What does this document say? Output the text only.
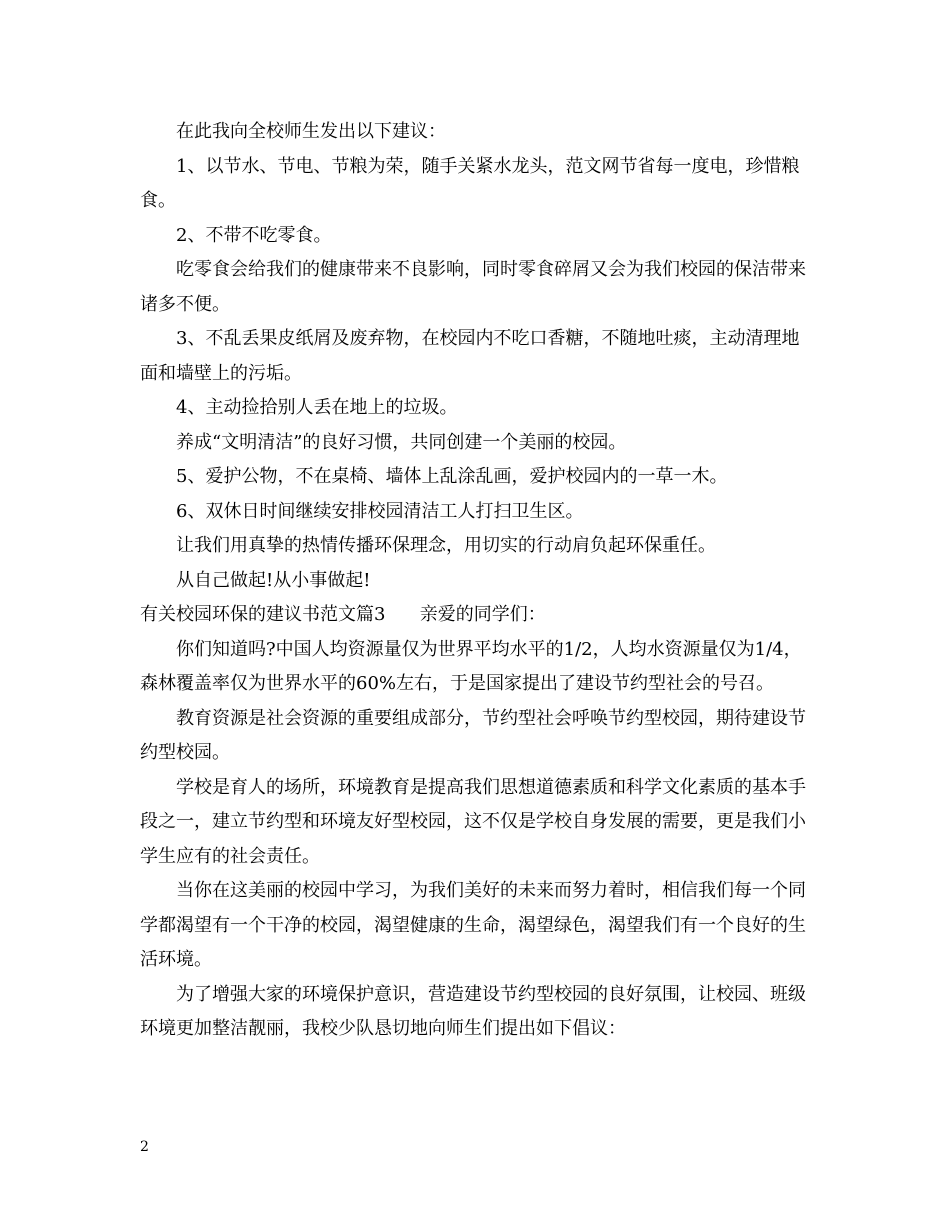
在此我向全校师生发出以下建议：

1、以节水、节电、节粮为荣，随手关紧水龙头，范文网节省每一度电，珍惜粮食。

2、不带不吃零食。

吃零食会给我们的健康带来不良影响，同时零食碎屑又会为我们校园的保洁带来诸多不便。

3、不乱丢果皮纸屑及废弃物，在校园内不吃口香糖，不随地吐痰，主动清理地面和墙壁上的污垢。

4、主动捡拾别人丢在地上的垃圾。

养成“文明清洁”的良好习惯，共同创建一个美丽的校园。

5、爱护公物，不在桌椅、墙体上乱涂乱画，爱护校园内的一草一木。

6、双休日时间继续安排校园清洁工人打扫卫生区。

让我们用真挚的热情传播环保理念，用切实的行动肩负起环保重任。

从自己做起!从小事做起!

有关校园环保的建议书范文篇3      亲爱的同学们：

你们知道吗?中国人均资源量仅为世界平均水平的1/2，人均水资源量仅为1/4，森林覆盖率仅为世界水平的60%左右，于是国家提出了建设节约型社会的号召。

教育资源是社会资源的重要组成部分，节约型社会呼唤节约型校园，期待建设节约型校园。

学校是育人的场所，环境教育是提高我们思想道德素质和科学文化素质的基本手段之一，建立节约型和环境友好型校园，这不仅是学校自身发展的需要，更是我们小学生应有的社会责任。

当你在这美丽的校园中学习，为我们美好的未来而努力着时，相信我们每一个同学都渴望有一个干净的校园，渴望健康的生命，渴望绿色，渴望我们有一个良好的生活环境。

为了增强大家的环境保护意识，营造建设节约型校园的良好氛围，让校园、班级环境更加整洁靓丽，我校少队恳切地向师生们提出如下倡议：

2
